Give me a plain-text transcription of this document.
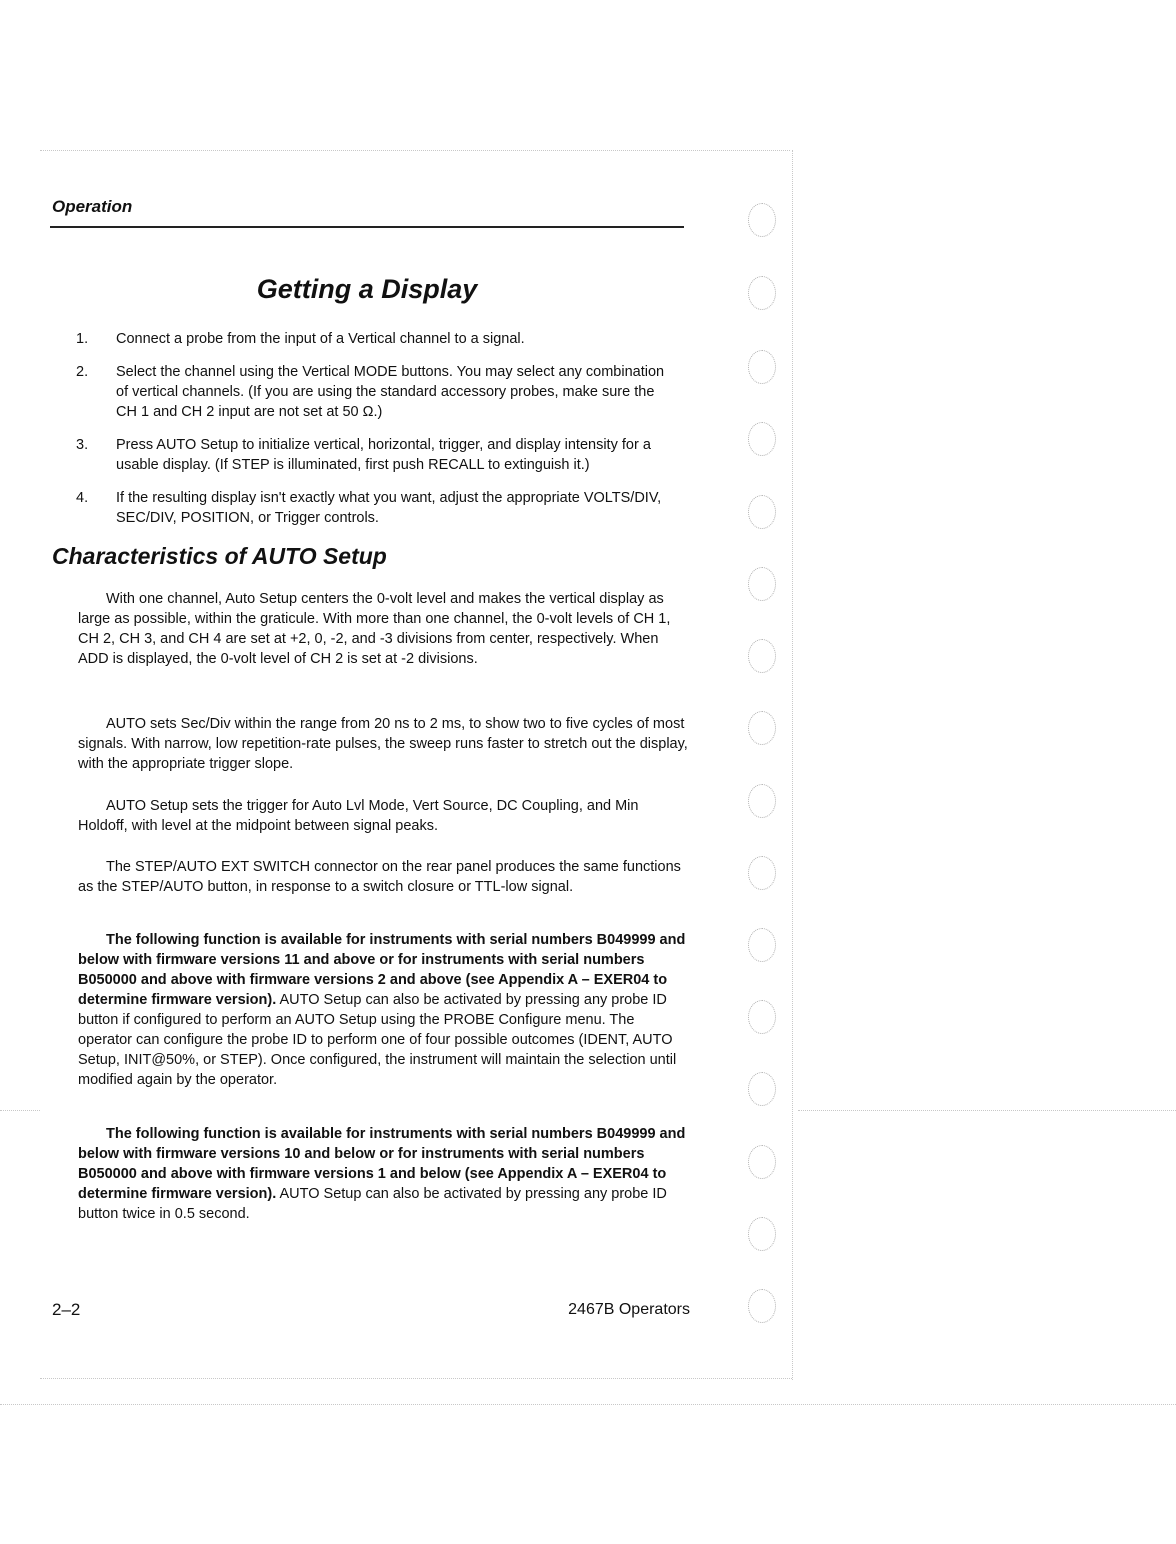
Operation
Getting a Display
1. Connect a probe from the input of a Vertical channel to a signal.
2. Select the channel using the Vertical MODE buttons. You may select any combination of vertical channels. (If you are using the standard accessory probes, make sure the CH 1 and CH 2 input are not set at 50 Ω.)
3. Press AUTO Setup to initialize vertical, horizontal, trigger, and display intensity for a usable display. (If STEP is illuminated, first push RECALL to extinguish it.)
4. If the resulting display isn't exactly what you want, adjust the appropriate VOLTS/DIV, SEC/DIV, POSITION, or Trigger controls.
Characteristics of AUTO Setup

With one channel, Auto Setup centers the 0-volt level and makes the vertical display as large as possible, within the graticule. With more than one channel, the 0-volt levels of CH 1, CH 2, CH 3, and CH 4 are set at +2, 0, -2, and -3 divisions from center, respectively. When ADD is displayed, the 0-volt level of CH 2 is set at -2 divisions.

AUTO sets Sec/Div within the range from 20 ns to 2 ms, to show two to five cycles of most signals. With narrow, low repetition-rate pulses, the sweep runs faster to stretch out the display, with the appropriate trigger slope.

AUTO Setup sets the trigger for Auto Lvl Mode, Vert Source, DC Coupling, and Min Holdoff, with level at the midpoint between signal peaks.

The STEP/AUTO EXT SWITCH connector on the rear panel produces the same functions as the STEP/AUTO button, in response to a switch closure or TTL-low signal.

The following function is available for instruments with serial numbers B049999 and below with firmware versions 11 and above or for instruments with serial numbers B050000 and above with firmware versions 2 and above (see Appendix A – EXER04 to determine firmware version). AUTO Setup can also be activated by pressing any probe ID button if configured to perform an AUTO Setup using the PROBE Configure menu. The operator can configure the probe ID to perform one of four possible outcomes (IDENT, AUTO Setup, INIT@50%, or STEP). Once configured, the instrument will maintain the selection until modified again by the operator.

The following function is available for instruments with serial numbers B049999 and below with firmware versions 10 and below or for instruments with serial numbers B050000 and above with firmware versions 1 and below (see Appendix A – EXER04 to determine firmware version). AUTO Setup can also be activated by pressing any probe ID button twice in 0.5 second.

2–2	2467B Operators
